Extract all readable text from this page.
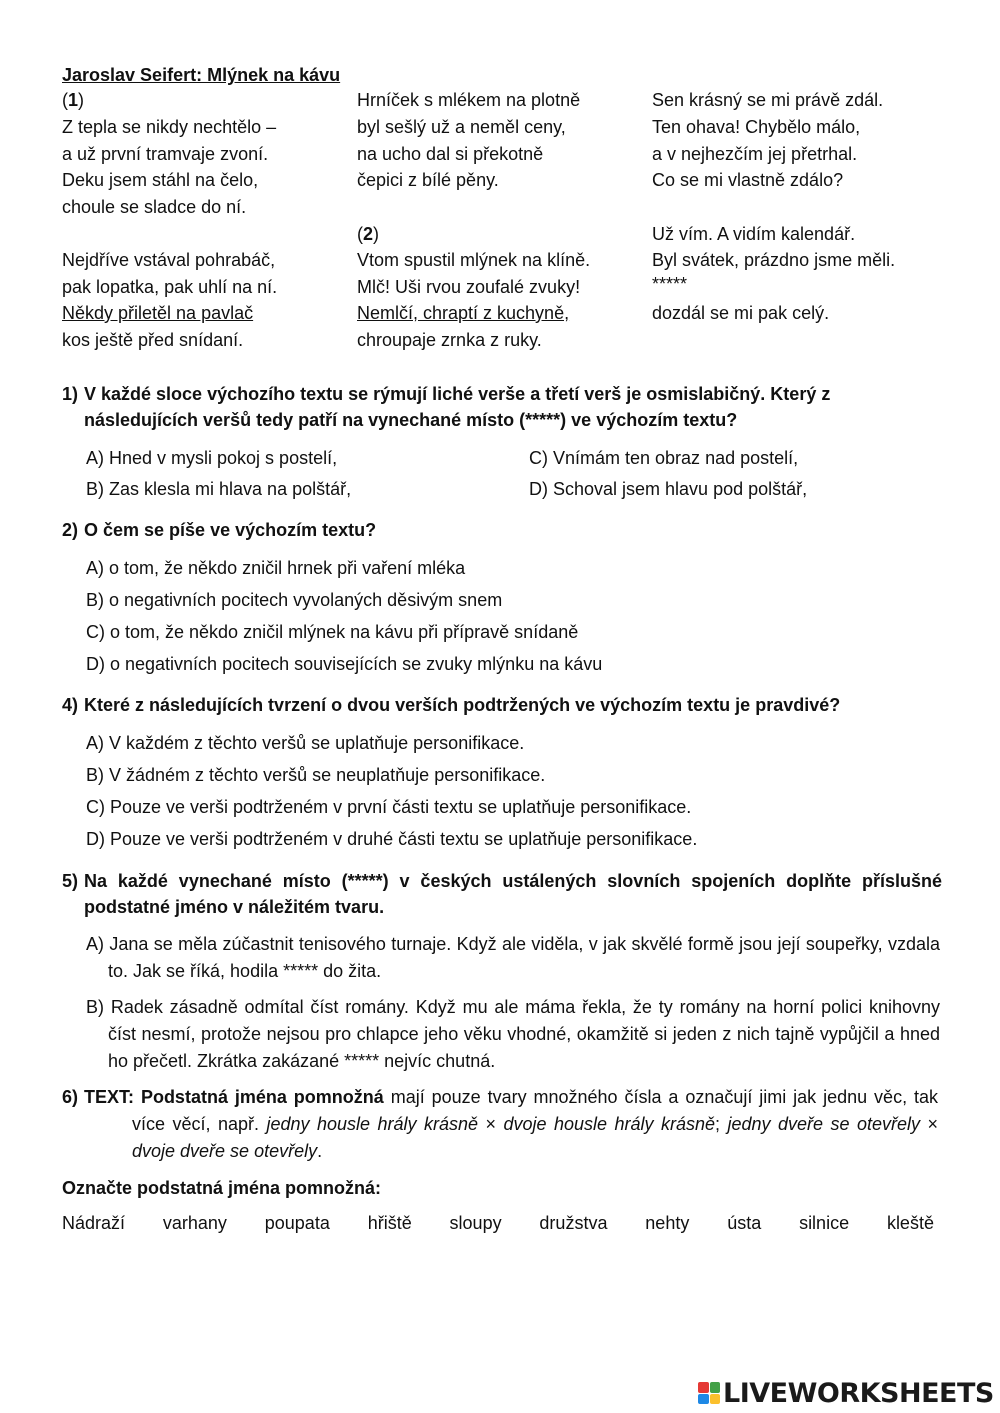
Jaroslav Seifert: Mlýnek na kávu
(1)
Z tepla se nikdy nechtělo –
a už první tramvaje zvoní.
Deku jsem stáhl na čelo,
choule se sladce do ní.
Nejdříve vstával pohrabáč,
pak lopatka, pak uhlí na ní.
Někdy přiletěl na pavlač
kos ještě před snídaní.
Hrníček s mlékem na plotně
byl sešlý už a neměl ceny,
na ucho dal si překotně
čepici z bílé pěny.
(2)
Vtom spustil mlýnek na klíně.
Mlč! Uši rvou zoufalé zvuky!
Nemlčí, chraptí z kuchyně,
chroupaje zrnka z ruky.
Sen krásný se mi právě zdál.
Ten ohava! Chybělo málo,
a v nejhezčím jej přetrhal.
Co se mi vlastně zdálo?
Už vím. A vidím kalendář.
Byl svátek, prázdno jsme měli.
*****
dozdál se mi pak celý.
1) V každé sloce výchozího textu se rýmují liché verše a třetí verš je osmislabičný. Který z následujících veršů tedy patří na vynechané místo (*****) ve výchozím textu?
A) Hned v mysli pokoj s postelí,
B) Zas klesla mi hlava na polštář,
C) Vnímám ten obraz nad postelí,
D) Schoval jsem hlavu pod polštář,
2) O čem se píše ve výchozím textu?
A) o tom, že někdo zničil hrnek při vaření mléka
B) o negativních pocitech vyvolaných děsivým snem
C) o tom, že někdo zničil mlýnek na kávu při přípravě snídaně
D) o negativních pocitech souvisejících se zvuky mlýnku na kávu
4) Které z následujících tvrzení o dvou verších podtržených ve výchozím textu je pravdivé?
A) V každém z těchto veršů se uplatňuje personifikace.
B) V žádném z těchto veršů se neuplatňuje personifikace.
C) Pouze ve verši podtrženém v první části textu se uplatňuje personifikace.
D) Pouze ve verši podtrženém v druhé části textu se uplatňuje personifikace.
5) Na každé vynechané místo (*****) v českých ustálených slovních spojeních doplňte příslušné podstatné jméno v náležitém tvaru.
A) Jana se měla zúčastnit tenisového turnaje. Když ale viděla, v jak skvělé formě jsou její soupeřky, vzdala to. Jak se říká, hodila ***** do žita.
B) Radek zásadně odmítal číst romány. Když mu ale máma řekla, že ty romány na horní polici knihovny číst nesmí, protože nejsou pro chlapce jeho věku vhodné, okamžitě si jeden z nich tajně vypůjčil a hned ho přečetl. Zkrátka zakázané ***** nejvíc chutná.
6) TEXT: Podstatná jména pomnožná mají pouze tvary množného čísla a označují jimi jak jednu věc, tak více věcí, např. jedny housle hrály krásně × dvoje housle hrály krásně; jedny dveře se otevřely × dvoje dveře se otevřely.
Označte podstatná jména pomnožná:
Nádraží varhany poupata hřiště sloupy družstva nehty ústa silnice kleště
LIVEWORKSHEETS
